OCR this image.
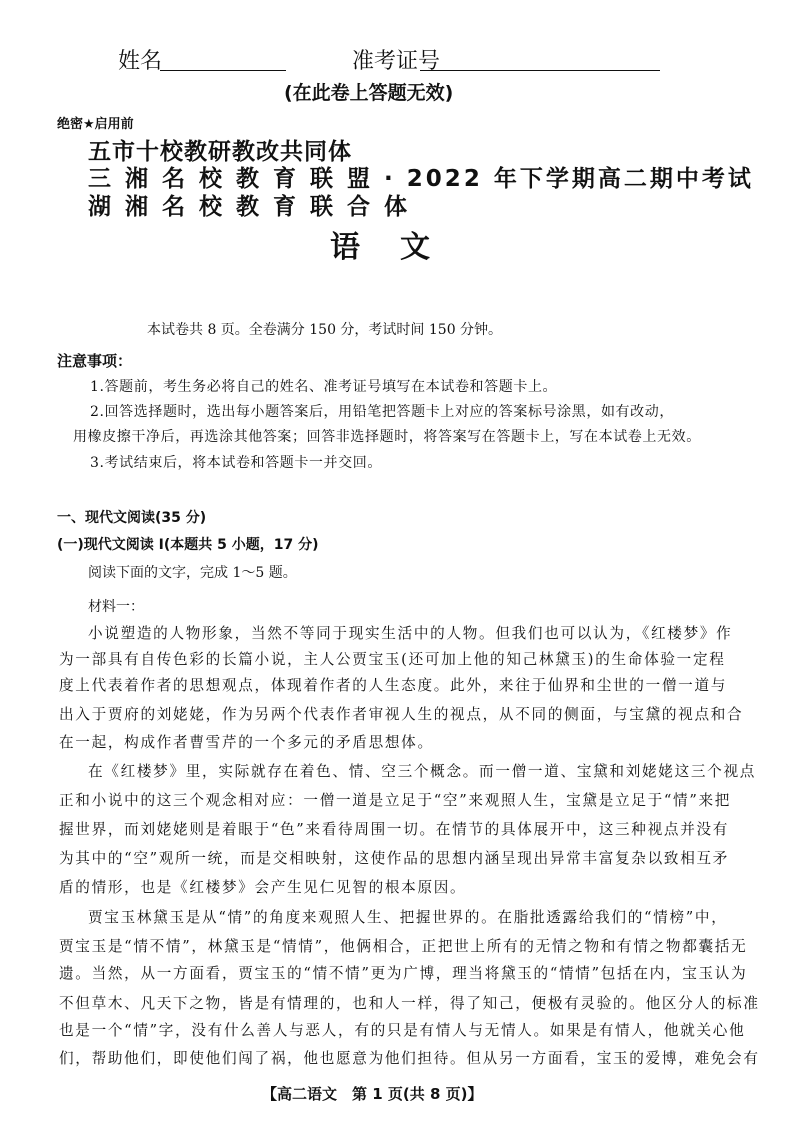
姓名	准考证号
(在此卷上答题无效)
绝密★启用前
五市十校教研教改共同体
三 湘 名 校 教 育 联 盟 · 2022 年下学期高二期中考试
湖 湘 名 校 教 育 联 合 体
语文
本试卷共 8 页。全卷满分 150 分，考试时间 150 分钟。
注意事项：
1.答题前，考生务必将自己的姓名、准考证号填写在本试卷和答题卡上。
2.回答选择题时，选出每小题答案后，用铅笔把答题卡上对应的答案标号涂黑，如有改动，
用橡皮擦干净后，再选涂其他答案；回答非选择题时，将答案写在答题卡上，写在本试卷上无效。
3.考试结束后，将本试卷和答题卡一并交回。
一、现代文阅读(35 分)
(一)现代文阅读 Ⅰ(本题共 5 小题，17 分)
阅读下面的文字，完成 1～5 题。
材料一：
小说塑造的人物形象，当然不等同于现实生活中的人物。但我们也可以认为，《红楼梦》作
为一部具有自传色彩的长篇小说，主人公贾宝玉(还可加上他的知己林黛玉)的生命体验一定程
度上代表着作者的思想观点，体现着作者的人生态度。此外，来往于仙界和尘世的一僧一道与
出入于贾府的刘姥姥，作为另两个代表作者审视人生的视点，从不同的侧面，与宝黛的视点和合
在一起，构成作者曹雪芹的一个多元的矛盾思想体。
在《红楼梦》里，实际就存在着色、情、空三个概念。而一僧一道、宝黛和刘姥姥这三个视点
正和小说中的这三个观念相对应：一僧一道是立足于“空”来观照人生，宝黛是立足于“情”来把
握世界，而刘姥姥则是着眼于“色”来看待周围一切。在情节的具体展开中，这三种视点并没有
为其中的“空”观所一统，而是交相映射，这使作品的思想内涵呈现出异常丰富复杂以致相互矛
盾的情形，也是《红楼梦》会产生见仁见智的根本原因。
贾宝玉林黛玉是从“情”的角度来观照人生、把握世界的。在脂批透露给我们的“情榜”中，
贾宝玉是“情不情”，林黛玉是“情情”，他俩相合，正把世上所有的无情之物和有情之物都囊括无
遗。当然，从一方面看，贾宝玉的“情不情”更为广博，理当将黛玉的“情情”包括在内，宝玉认为
不但草木、凡天下之物，皆是有情理的，也和人一样，得了知己，便极有灵验的。他区分人的标准
也是一个“情”字，没有什么善人与恶人，有的只是有情人与无情人。如果是有情人，他就关心他
们，帮助他们，即使他们闯了祸，他也愿意为他们担待。但从另一方面看，宝玉的爱博，难免会有
【高二语文　第 1 页(共 8 页)】
